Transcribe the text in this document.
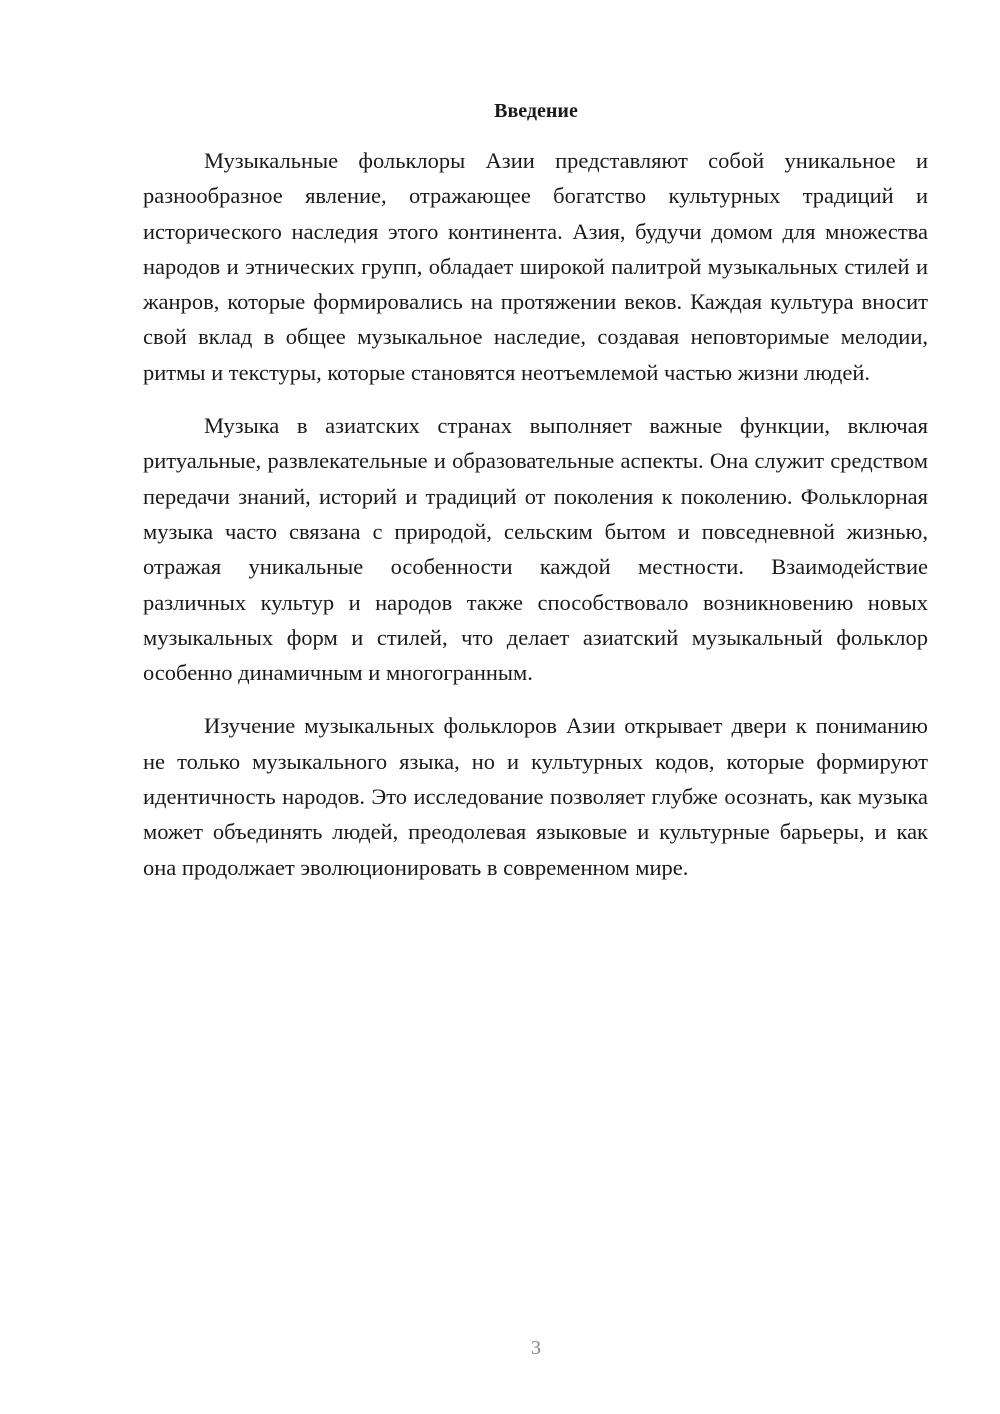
Введение

Музыкальные фольклоры Азии представляют собой уникальное и разнообразное явление, отражающее богатство культурных традиций и исторического наследия этого континента. Азия, будучи домом для множества народов и этнических групп, обладает широкой палитрой музыкальных стилей и жанров, которые формировались на протяжении веков. Каждая культура вносит свой вклад в общее музыкальное наследие, создавая неповторимые мелодии, ритмы и текстуры, которые становятся неотъемлемой частью жизни людей.

Музыка в азиатских странах выполняет важные функции, включая ритуальные, развлекательные и образовательные аспекты. Она служит средством передачи знаний, историй и традиций от поколения к поколению. Фольклорная музыка часто связана с природой, сельским бытом и повседневной жизнью, отражая уникальные особенности каждой местности. Взаимодействие различных культур и народов также способствовало возникновению новых музыкальных форм и стилей, что делает азиатский музыкальный фольклор особенно динамичным и многогранным.

Изучение музыкальных фольклоров Азии открывает двери к пониманию не только музыкального языка, но и культурных кодов, которые формируют идентичность народов. Это исследование позволяет глубже осознать, как музыка может объединять людей, преодолевая языковые и культурные барьеры, и как она продолжает эволюционировать в современном мире.

3
